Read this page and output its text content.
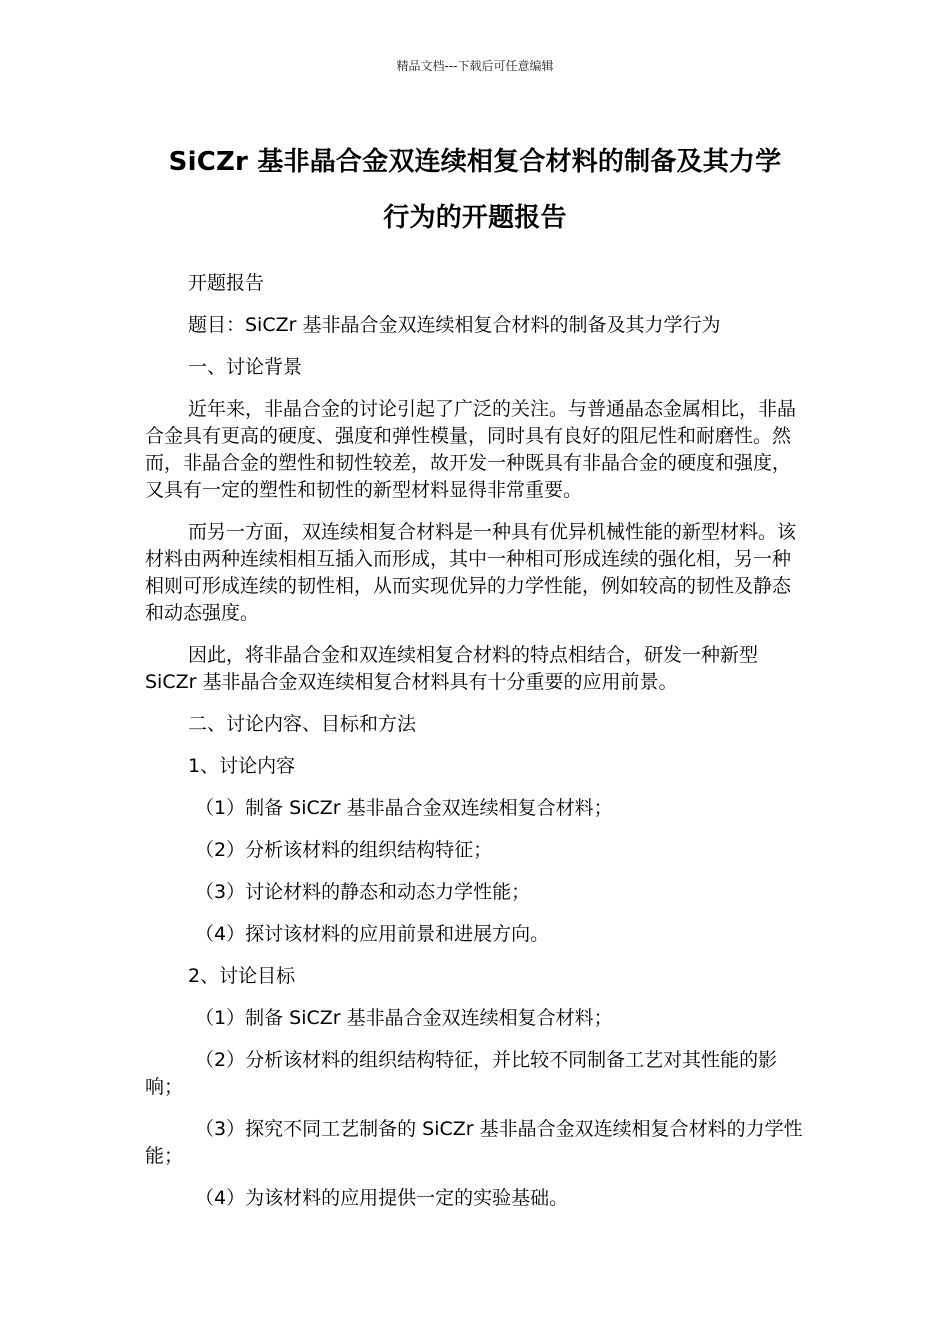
精品文档---下载后可任意编辑
SiCZr 基非晶合金双连续相复合材料的制备及其力学
行为的开题报告

开题报告

题目：SiCZr 基非晶合金双连续相复合材料的制备及其力学行为

一、讨论背景

近年来，非晶合金的讨论引起了广泛的关注。与普通晶态金属相比，非晶合金具有更高的硬度、强度和弹性模量，同时具有良好的阻尼性和耐磨性。然而，非晶合金的塑性和韧性较差，故开发一种既具有非晶合金的硬度和强度，又具有一定的塑性和韧性的新型材料显得非常重要。

而另一方面，双连续相复合材料是一种具有优异机械性能的新型材料。该材料由两种连续相相互插入而形成，其中一种相可形成连续的强化相，另一种相则可形成连续的韧性相，从而实现优异的力学性能，例如较高的韧性及静态和动态强度。

因此，将非晶合金和双连续相复合材料的特点相结合，研发一种新型 SiCZr 基非晶合金双连续相复合材料具有十分重要的应用前景。

二、讨论内容、目标和方法

1、讨论内容

（1）制备 SiCZr 基非晶合金双连续相复合材料；

（2）分析该材料的组织结构特征；

（3）讨论材料的静态和动态力学性能；

（4）探讨该材料的应用前景和进展方向。

2、讨论目标

（1）制备 SiCZr 基非晶合金双连续相复合材料；

（2）分析该材料的组织结构特征，并比较不同制备工艺对其性能的影响；

（3）探究不同工艺制备的 SiCZr 基非晶合金双连续相复合材料的力学性能；

（4）为该材料的应用提供一定的实验基础。
